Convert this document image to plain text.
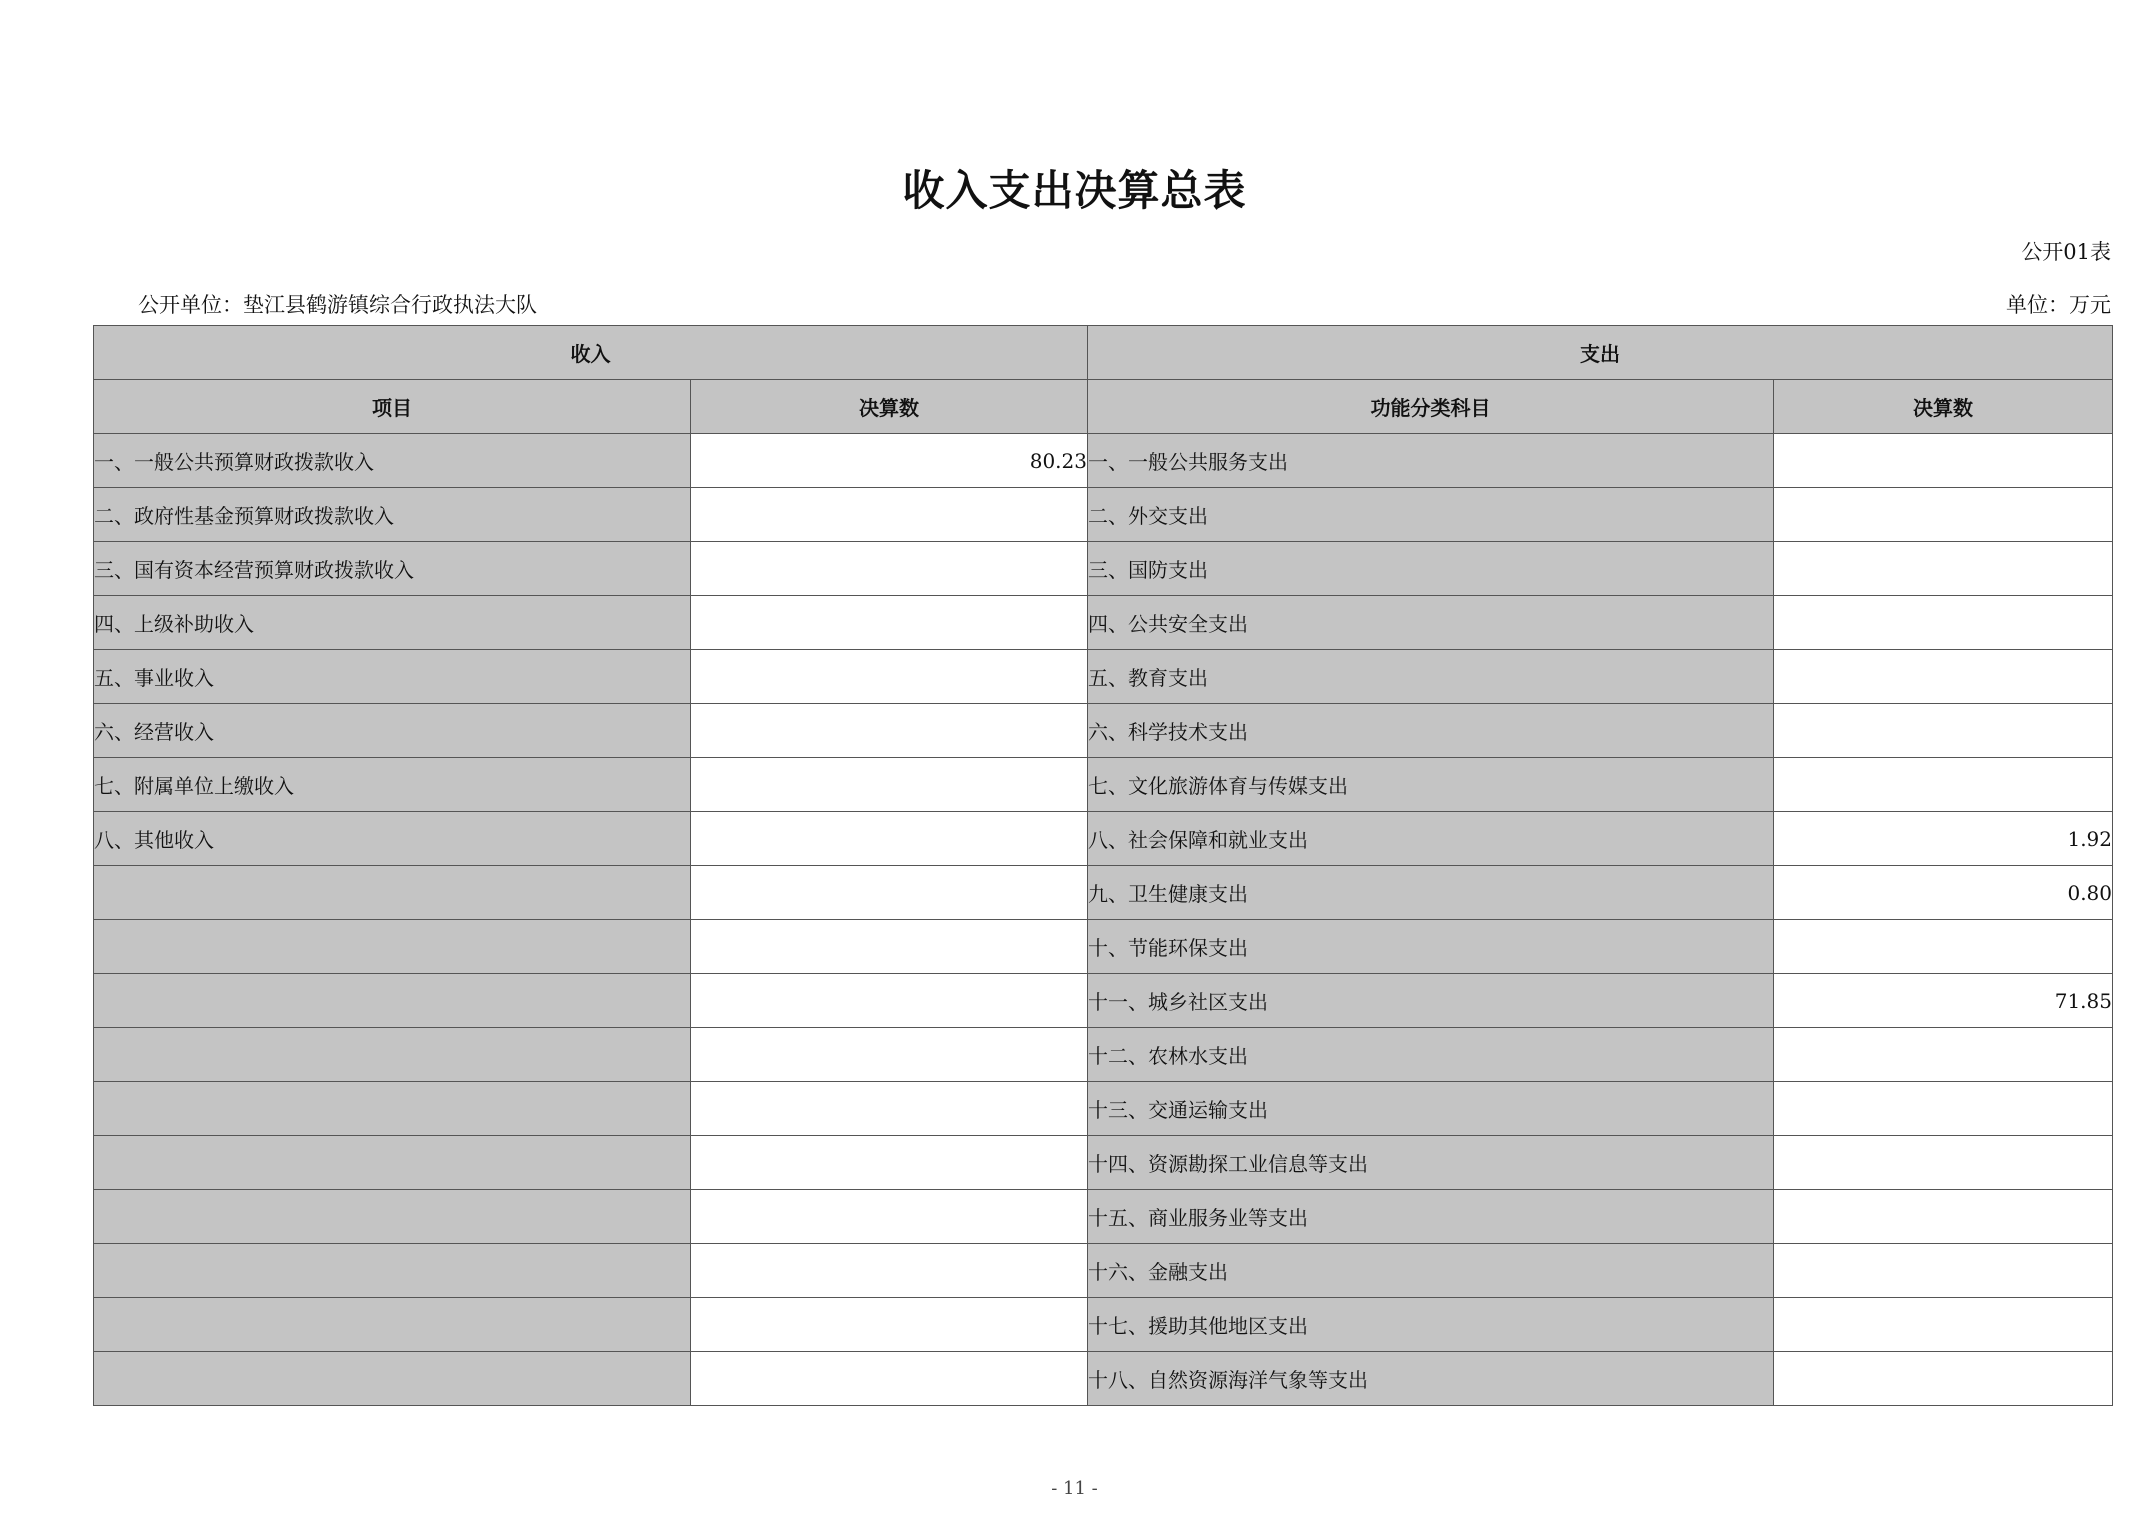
收入支出决算总表
公开01表
公开单位：垫江县鹤游镇综合行政执法大队	单位：万元
收入		支出	
项目	决算数	功能分类科目	决算数
一、一般公共预算财政拨款收入	80.23	一、一般公共服务支出	
二、政府性基金预算财政拨款收入		二、外交支出	
三、国有资本经营预算财政拨款收入		三、国防支出	
四、上级补助收入		四、公共安全支出	
五、事业收入		五、教育支出	
六、经营收入		六、科学技术支出	
七、附属单位上缴收入		七、文化旅游体育与传媒支出	
八、其他收入		八、社会保障和就业支出	1.92
		九、卫生健康支出	0.80
		十、节能环保支出	
		十一、城乡社区支出	71.85
		十二、农林水支出	
		十三、交通运输支出	
		十四、资源勘探工业信息等支出	
		十五、商业服务业等支出	
		十六、金融支出	
		十七、援助其他地区支出	
		十八、自然资源海洋气象等支出	
- 11 -
